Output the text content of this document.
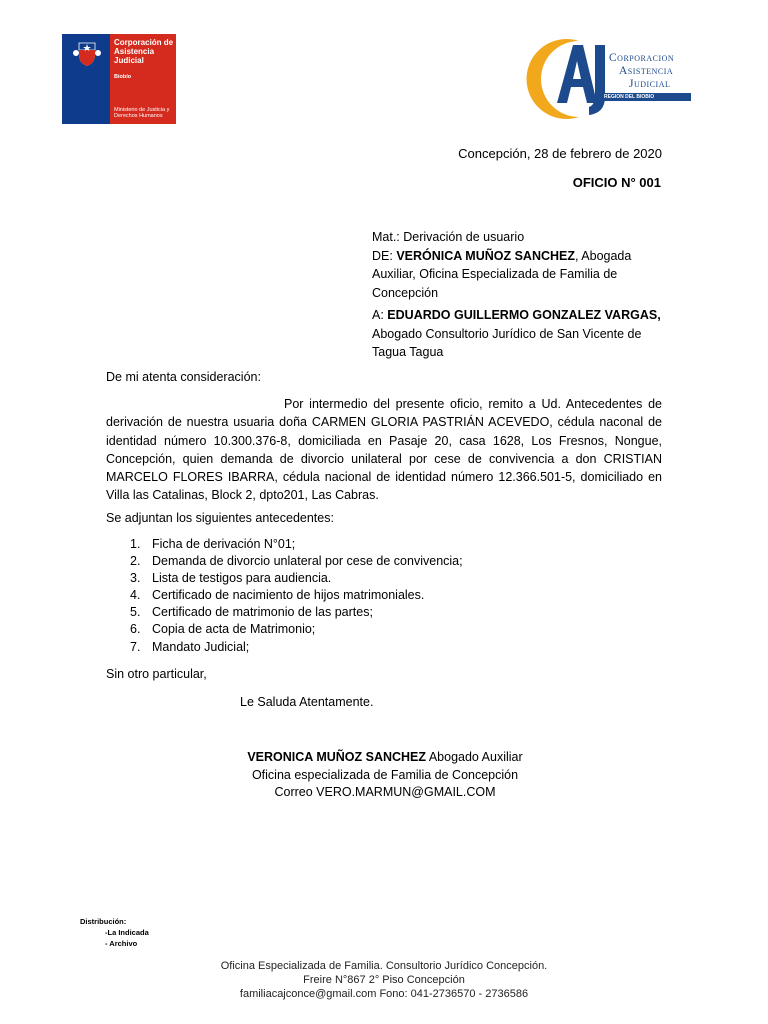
Corporación de Asistencia Judicial
Biobío
Ministerio de Justicia y Derechos Humanos
Corporacion
Asistencia
Judicial
REGION DEL BIOBIO
Concepción, 28 de febrero de 2020
OFICIO N° 001
Mat.: Derivación de usuario
DE: VERÓNICA MUÑOZ SANCHEZ, Abogada Auxiliar, Oficina Especializada de Familia de Concepción
A: EDUARDO GUILLERMO GONZALEZ VARGAS,
Abogado Consultorio Jurídico de San Vicente de Tagua Tagua
De mi atenta consideración:
Por intermedio del presente oficio, remito a Ud. Antecedentes de derivación de nuestra usuaria doña CARMEN GLORIA PASTRIÁN ACEVEDO, cédula naconal de identidad número 10.300.376-8, domiciliada en Pasaje 20, casa 1628, Los Fresnos, Nongue, Concepción, quien demanda de divorcio unilateral por cese de convivencia a don CRISTIAN MARCELO FLORES IBARRA, cédula nacional de identidad número 12.366.501-5, domiciliado en Villa las Catalinas, Block 2, dpto201, Las Cabras.
Se adjuntan los siguientes antecedentes:
1. Ficha de derivación N°01;
2. Demanda de divorcio unlateral por cese de convivencia;
3. Lista de testigos para audiencia.
4. Certificado de nacimiento de hijos matrimoniales.
5. Certificado de matrimonio de las partes;
6. Copia de acta de Matrimonio;
7. Mandato Judicial;
Sin otro particular,
Le Saluda Atentamente.
VERONICA MUÑOZ SANCHEZ Abogado Auxiliar
Oficina especializada de Familia de Concepción
Correo VERO.MARMUN@GMAIL.COM
Distribución:
-La Indicada
- Archivo
Oficina Especializada de Familia. Consultorio Jurídico Concepción.
Freire N°867 2° Piso Concepción
familiacajconce@gmail.com Fono: 041-2736570 - 2736586
